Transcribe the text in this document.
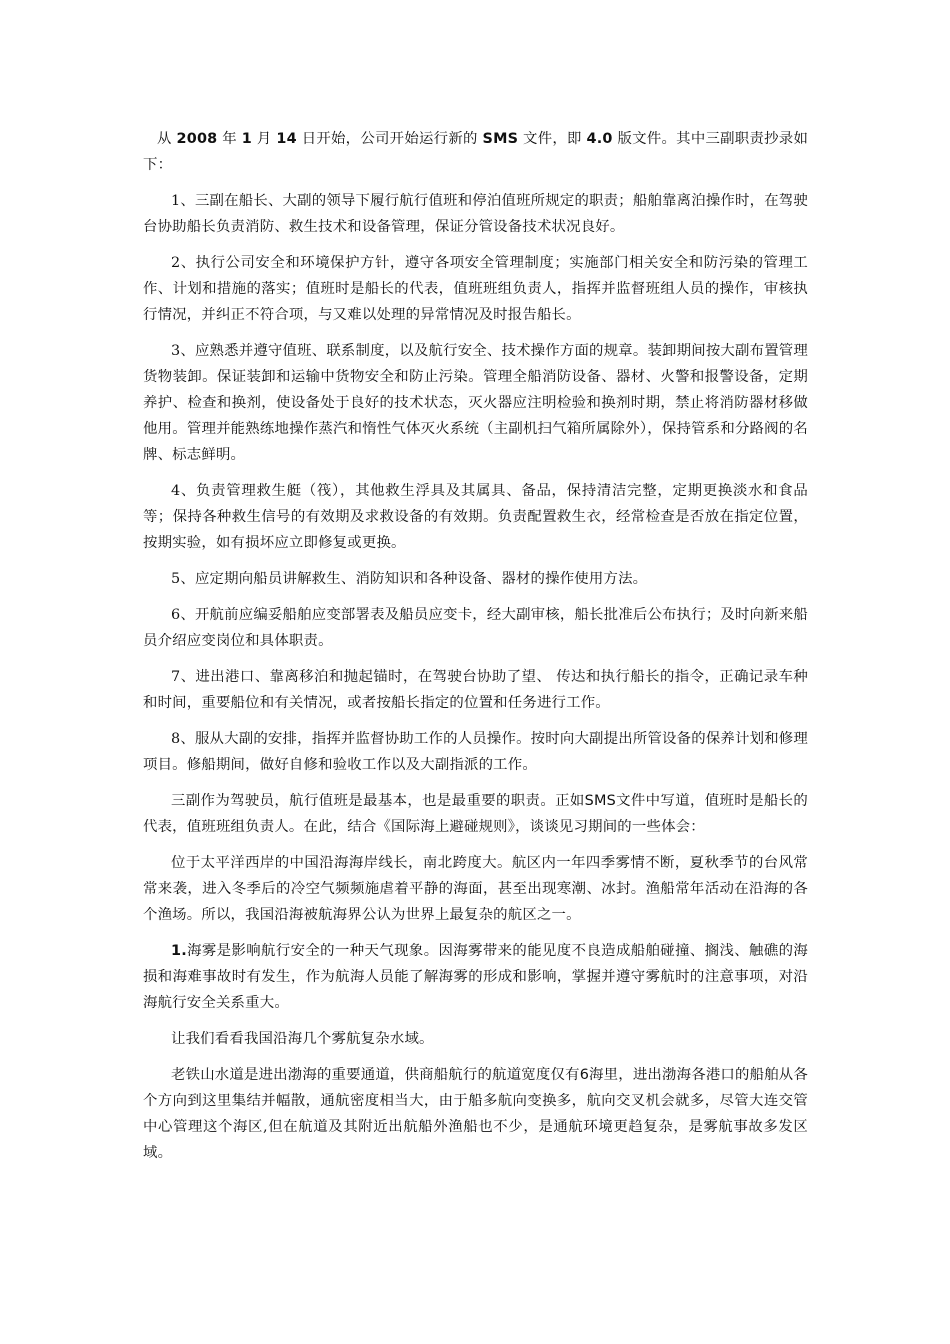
从 2008 年 1 月 14 日开始，公司开始运行新的 SMS 文件，即 4.0 版文件。其中三副职责抄录如下：

1、三副在船长、大副的领导下履行航行值班和停泊值班所规定的职责；船舶靠离泊操作时，在驾驶台协助船长负责消防、救生技术和设备管理，保证分管设备技术状况良好。

2、执行公司安全和环境保护方针，遵守各项安全管理制度；实施部门相关安全和防污染的管理工作、计划和措施的落实；值班时是船长的代表，值班班组负责人，指挥并监督班组人员的操作，审核执行情况，并纠正不符合项，与又难以处理的异常情况及时报告船长。

3、应熟悉并遵守值班、联系制度，以及航行安全、技术操作方面的规章。装卸期间按大副布置管理货物装卸。保证装卸和运输中货物安全和防止污染。管理全船消防设备、器材、火警和报警设备，定期养护、检查和换剂，使设备处于良好的技术状态，灭火器应注明检验和换剂时期，禁止将消防器材移做他用。管理并能熟练地操作蒸汽和惰性气体灭火系统（主副机扫气箱所属除外），保持管系和分路阀的名牌、标志鲜明。

4、负责管理救生艇（筏），其他救生浮具及其属具、备品，保持清洁完整，定期更换淡水和食品等；保持各种救生信号的有效期及求救设备的有效期。负责配置救生衣，经常检查是否放在指定位置，按期实验，如有损坏应立即修复或更换。

5、应定期向船员讲解救生、消防知识和各种设备、器材的操作使用方法。

6、开航前应编妥船舶应变部署表及船员应变卡，经大副审核，船长批准后公布执行；及时向新来船员介绍应变岗位和具体职责。

7、进出港口、靠离移泊和抛起锚时，在驾驶台协助了望、 传达和执行船长的指令，正确记录车种和时间，重要船位和有关情况，或者按船长指定的位置和任务进行工作。

8、服从大副的安排，指挥并监督协助工作的人员操作。按时向大副提出所管设备的保养计划和修理项目。修船期间，做好自修和验收工作以及大副指派的工作。

三副作为驾驶员，航行值班是最基本，也是最重要的职责。正如SMS文件中写道，值班时是船长的代表，值班班组负责人。在此，结合《国际海上避碰规则》，谈谈见习期间的一些体会：

位于太平洋西岸的中国沿海海岸线长，南北跨度大。航区内一年四季雾情不断，夏秋季节的台风常常来袭，进入冬季后的冷空气频频施虐着平静的海面，甚至出现寒潮、冰封。渔船常年活动在沿海的各个渔场。所以，我国沿海被航海界公认为世界上最复杂的航区之一。

1.海雾是影响航行安全的一种天气现象。因海雾带来的能见度不良造成船舶碰撞、搁浅、触礁的海损和海难事故时有发生，作为航海人员能了解海雾的形成和影响，掌握并遵守雾航时的注意事项，对沿海航行安全关系重大。

让我们看看我国沿海几个雾航复杂水域。

老铁山水道是进出渤海的重要通道，供商船航行的航道宽度仅有6海里，进出渤海各港口的船舶从各个方向到这里集结并幅散，通航密度相当大，由于船多航向变换多，航向交叉机会就多，尽管大连交管中心管理这个海区,但在航道及其附近出航船外渔船也不少，是通航环境更趋复杂，是雾航事故多发区域。
